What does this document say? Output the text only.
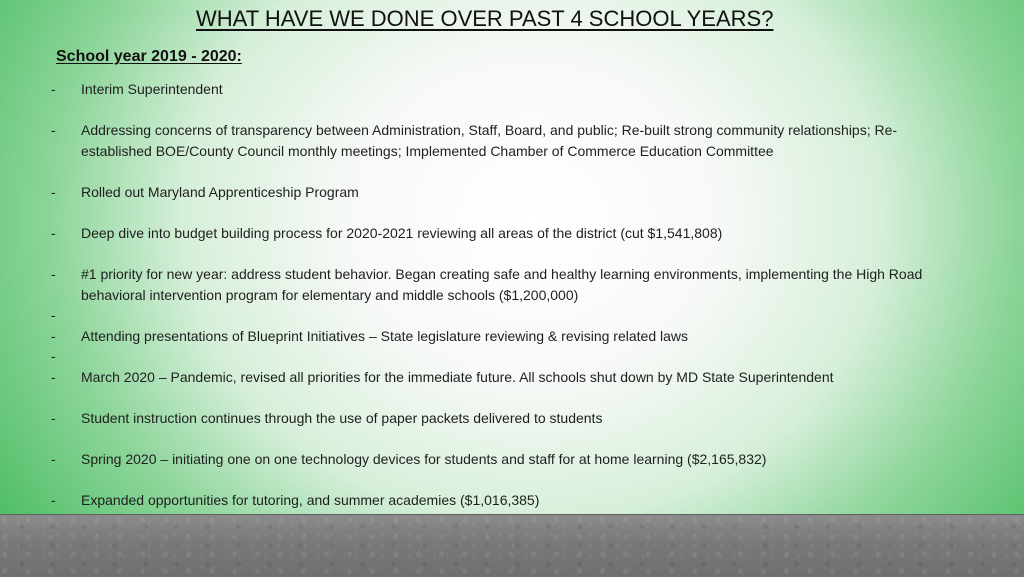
WHAT HAVE WE DONE OVER PAST 4 SCHOOL YEARS?
School year 2019 - 2020:
- Interim Superintendent
- Addressing concerns of transparency between Administration, Staff, Board, and public; Re-built strong community relationships; Re-
established BOE/County Council monthly meetings; Implemented Chamber of Commerce Education Committee
- Rolled out Maryland Apprenticeship Program
- Deep dive into budget building process for 2020-2021 reviewing all areas of the district (cut $1,541,808)
- #1 priority for new year: address student behavior. Began creating safe and healthy learning environments, implementing the High Road
behavioral intervention program for elementary and middle schools ($1,200,000)
-
- Attending presentations of Blueprint Initiatives – State legislature reviewing & revising related laws
-
- March 2020 – Pandemic, revised all priorities for the immediate future. All schools shut down by MD State Superintendent
- Student instruction continues through the use of paper packets delivered to students
- Spring 2020 – initiating one on one technology devices for students and staff for at home learning ($2,165,832)
- Expanded opportunities for tutoring, and summer academies ($1,016,385)
